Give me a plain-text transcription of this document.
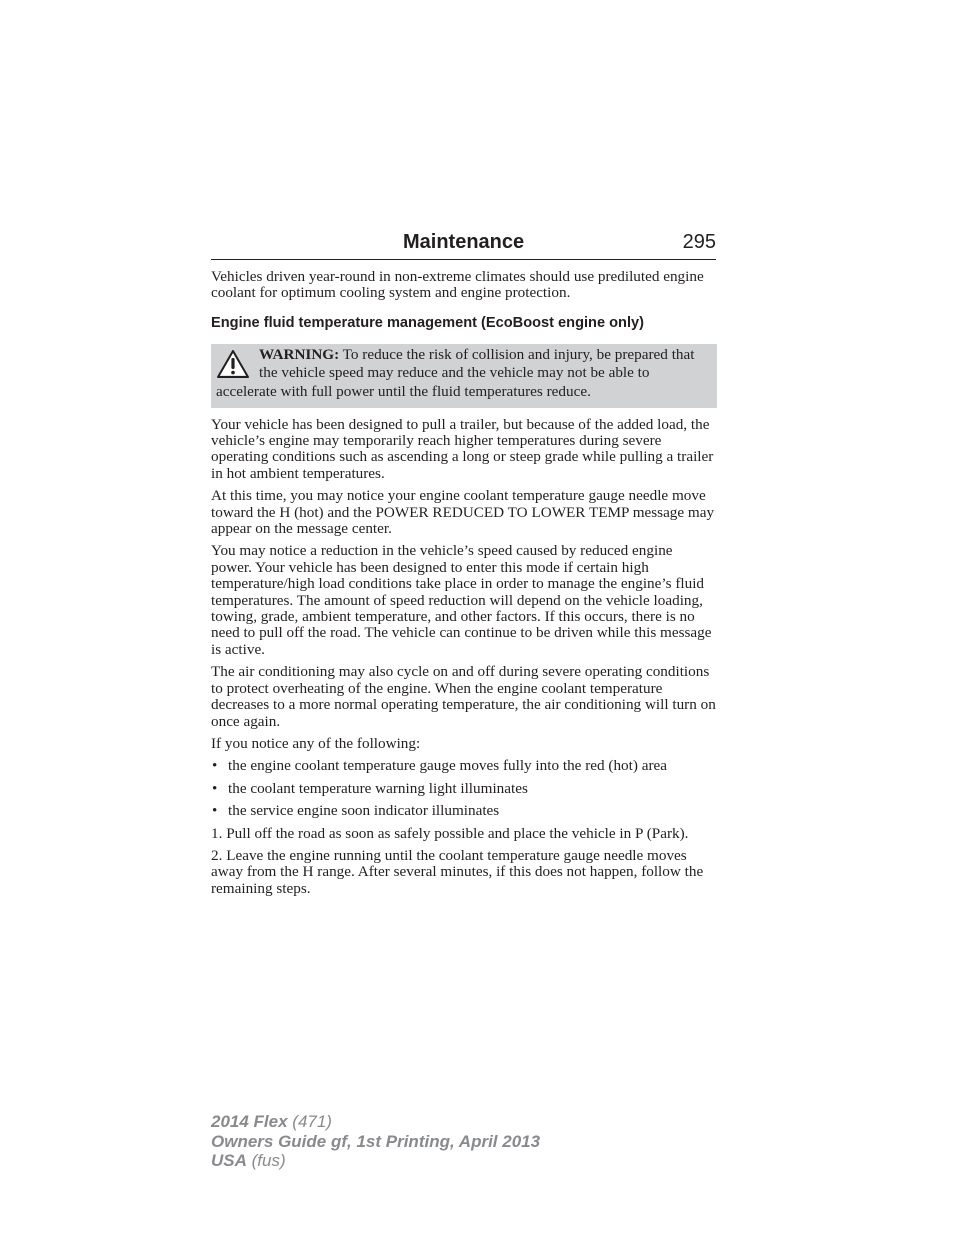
Maintenance	295

Vehicles driven year-round in non-extreme climates should use prediluted engine coolant for optimum cooling system and engine protection.

Engine fluid temperature management (EcoBoost engine only)
WARNING: To reduce the risk of collision and injury, be prepared that the vehicle speed may reduce and the vehicle may not be able to accelerate with full power until the fluid temperatures reduce.

Your vehicle has been designed to pull a trailer, but because of the added load, the vehicle’s engine may temporarily reach higher temperatures during severe operating conditions such as ascending a long or steep grade while pulling a trailer in hot ambient temperatures.

At this time, you may notice your engine coolant temperature gauge needle move toward the H (hot) and the POWER REDUCED TO LOWER TEMP message may appear on the message center.

You may notice a reduction in the vehicle’s speed caused by reduced engine power. Your vehicle has been designed to enter this mode if certain high temperature/high load conditions take place in order to manage the engine’s fluid temperatures. The amount of speed reduction will depend on the vehicle loading, towing, grade, ambient temperature, and other factors. If this occurs, there is no need to pull off the road. The vehicle can continue to be driven while this message is active.

The air conditioning may also cycle on and off during severe operating conditions to protect overheating of the engine. When the engine coolant temperature decreases to a more normal operating temperature, the air conditioning will turn on once again.

If you notice any of the following:

• the engine coolant temperature gauge moves fully into the red (hot) area
• the coolant temperature warning light illuminates
• the service engine soon indicator illuminates

1. Pull off the road as soon as safely possible and place the vehicle in P (Park).

2. Leave the engine running until the coolant temperature gauge needle moves away from the H range. After several minutes, if this does not happen, follow the remaining steps.

2014 Flex (471)
Owners Guide gf, 1st Printing, April 2013
USA (fus)
